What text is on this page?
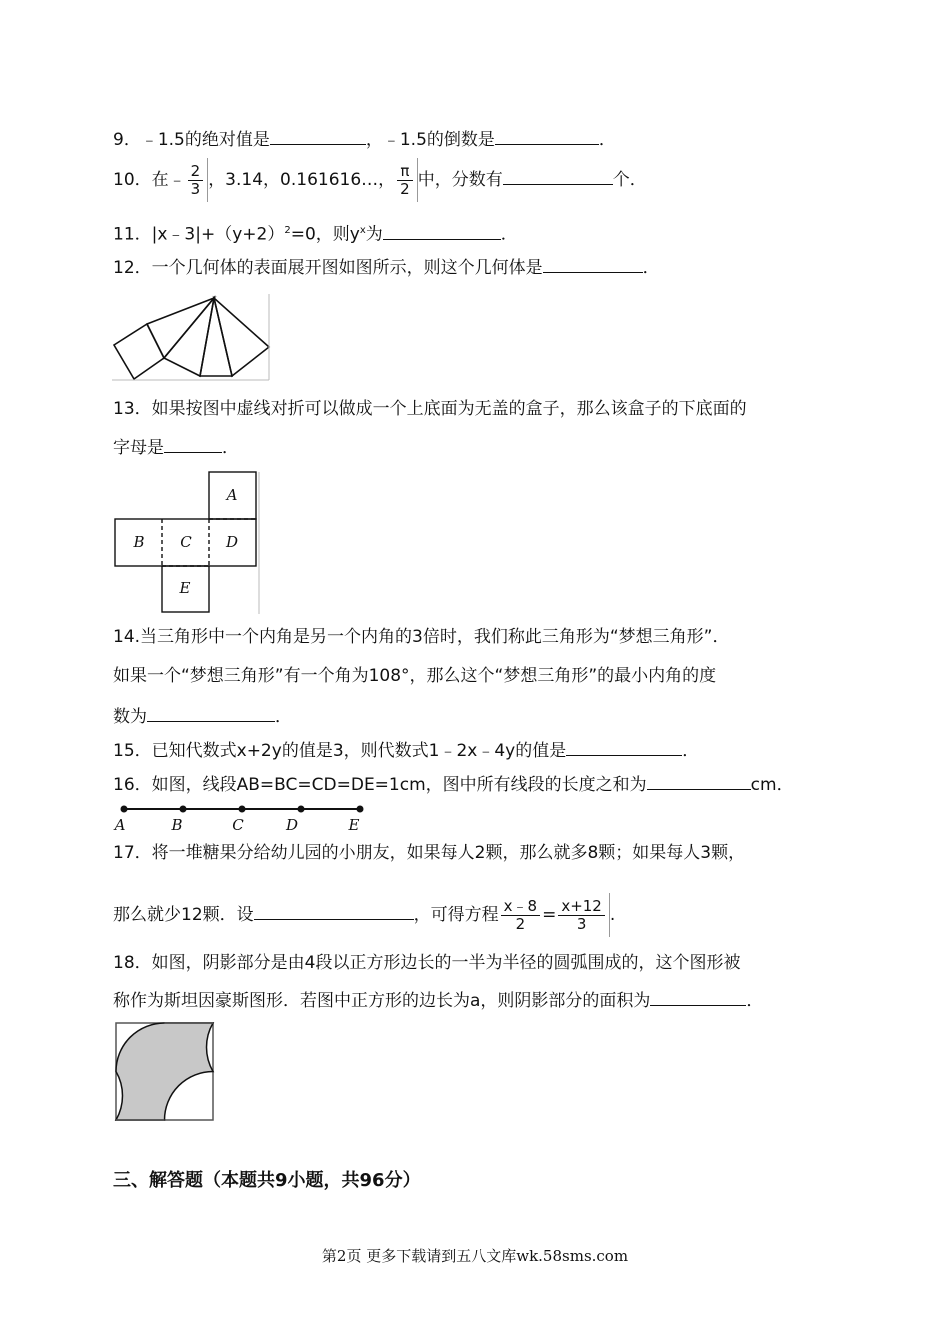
9．﹣1.5的绝对值是	，﹣1.5的倒数是	．
10．在﹣ $\frac{2}{3}$ ，3.14，0.161616…， $\frac{\pi}{2}$ 中，分数有	个．
11．$|x﹣3|+(y+2)^2=0$，则$y^x$为	．
12．一个几何体的表面展开图如图所示，则这个几何体是	．
13．如果按图中虚线对折可以做成一个上底面为无盖的盒子，那么该盒子的下底面的
字母是	．
A
B C D
E
14.当三角形中一个内角是另一个内角的3倍时，我们称此三角形为“梦想三角形”．
如果一个“梦想三角形”有一个角为108°，那么这个“梦想三角形”的最小内角的度
数为	．
15．已知代数式x+2y的值是3，则代数式1﹣2x﹣4y的值是	．
16．如图，线段AB=BC=CD=DE=1cm，图中所有线段的长度之和为	cm．
A	B	C	D	E
17．将一堆糖果分给幼儿园的小朋友，如果每人2颗，那么就多8颗；如果每人3颗，
那么就少12颗．设	，可得方程 $\frac{x﹣8}{2} = \frac{x+12}{3}$ .
18．如图，阴影部分是由4段以正方形边长的一半为半径的圆弧围成的，这个图形被
称作为斯坦因豪斯图形．若图中正方形的边长为a，则阴影部分的面积为	．
三、解答题（本题共9小题，共96分）
第2页 更多下载请到五八文库wk.58sms.com
